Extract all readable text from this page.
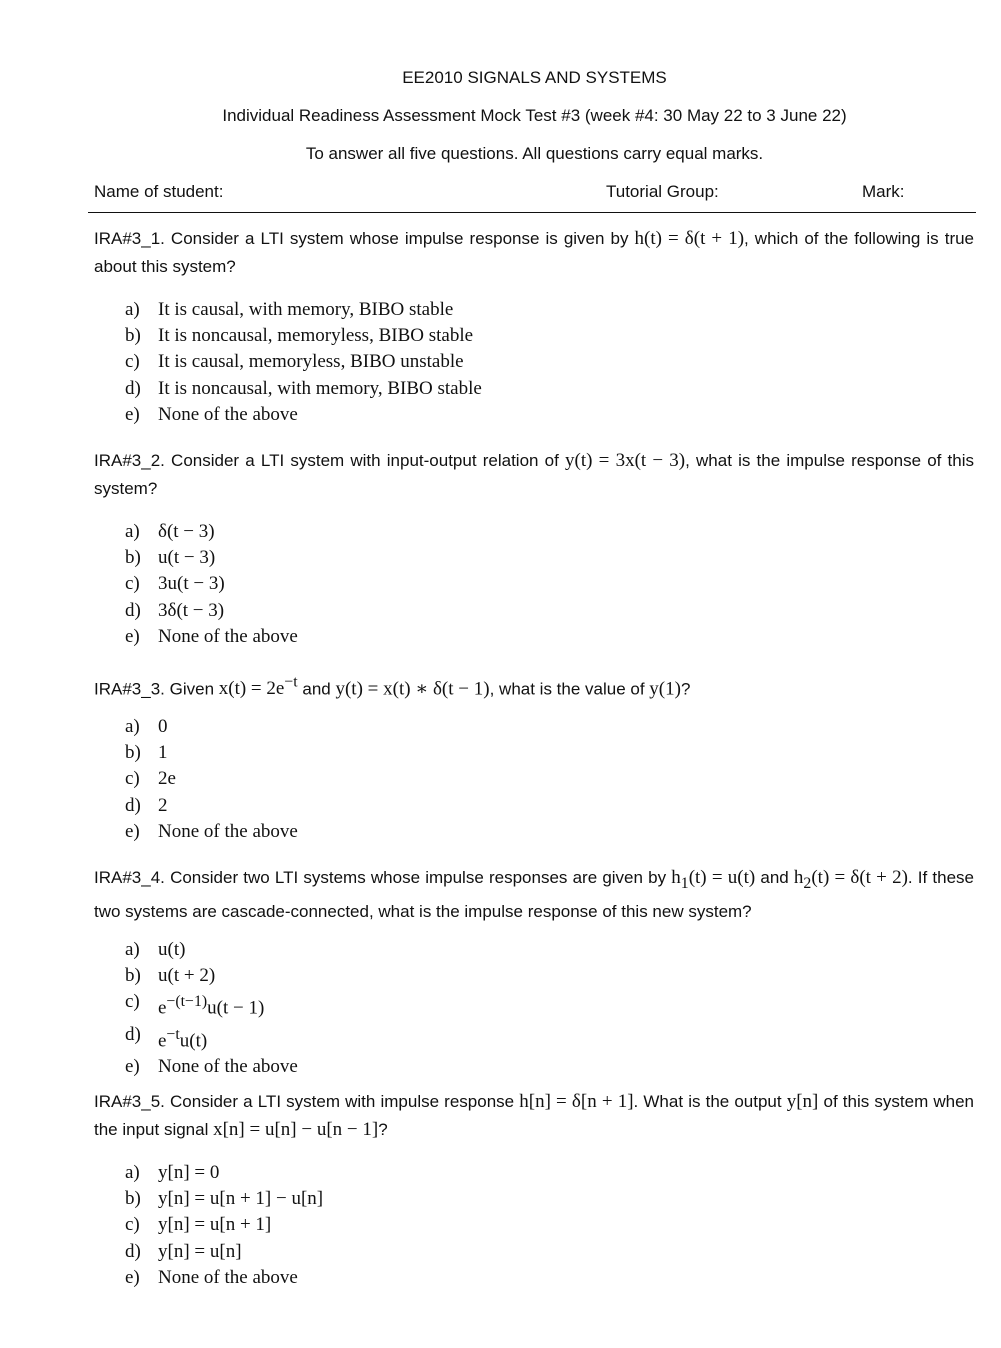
EE2010 SIGNALS AND SYSTEMS
Individual Readiness Assessment Mock Test #3 (week #4: 30 May 22 to 3 June 22)
To answer all five questions. All questions carry equal marks.
Name of student:	Tutorial Group:	Mark:
IRA#3_1. Consider a LTI system whose impulse response is given by h(t) = δ(t + 1), which of the following is true about this system?
a) It is causal, with memory, BIBO stable
b) It is noncausal, memoryless, BIBO stable
c) It is causal, memoryless, BIBO unstable
d) It is noncausal, with memory, BIBO stable
e) None of the above
IRA#3_2. Consider a LTI system with input-output relation of y(t) = 3x(t − 3), what is the impulse response of this system?
a) δ(t − 3)
b) u(t − 3)
c) 3u(t − 3)
d) 3δ(t − 3)
e) None of the above
IRA#3_3. Given $x(t) = 2e^{-t}$ and y(t) = x(t) ∗ δ(t − 1), what is the value of y(1)?
a) 0
b) 1
c) 2e
d) 2
e) None of the above
IRA#3_4. Consider two LTI systems whose impulse responses are given by $h_1(t) = u(t)$ and $h_2(t) = \delta(t + 2)$. If these two systems are cascade-connected, what is the impulse response of this new system?
a) u(t)
b) u(t + 2)
c) $e^{-(t-1)}u(t - 1)$
d) $e^{-t}u(t)$
e) None of the above
IRA#3_5. Consider a LTI system with impulse response h[n] = δ[n + 1]. What is the output y[n] of this system when the input signal x[n] = u[n] − u[n − 1]?
a) y[n] = 0
b) y[n] = u[n + 1] − u[n]
c) y[n] = u[n + 1]
d) y[n] = u[n]
e) None of the above
